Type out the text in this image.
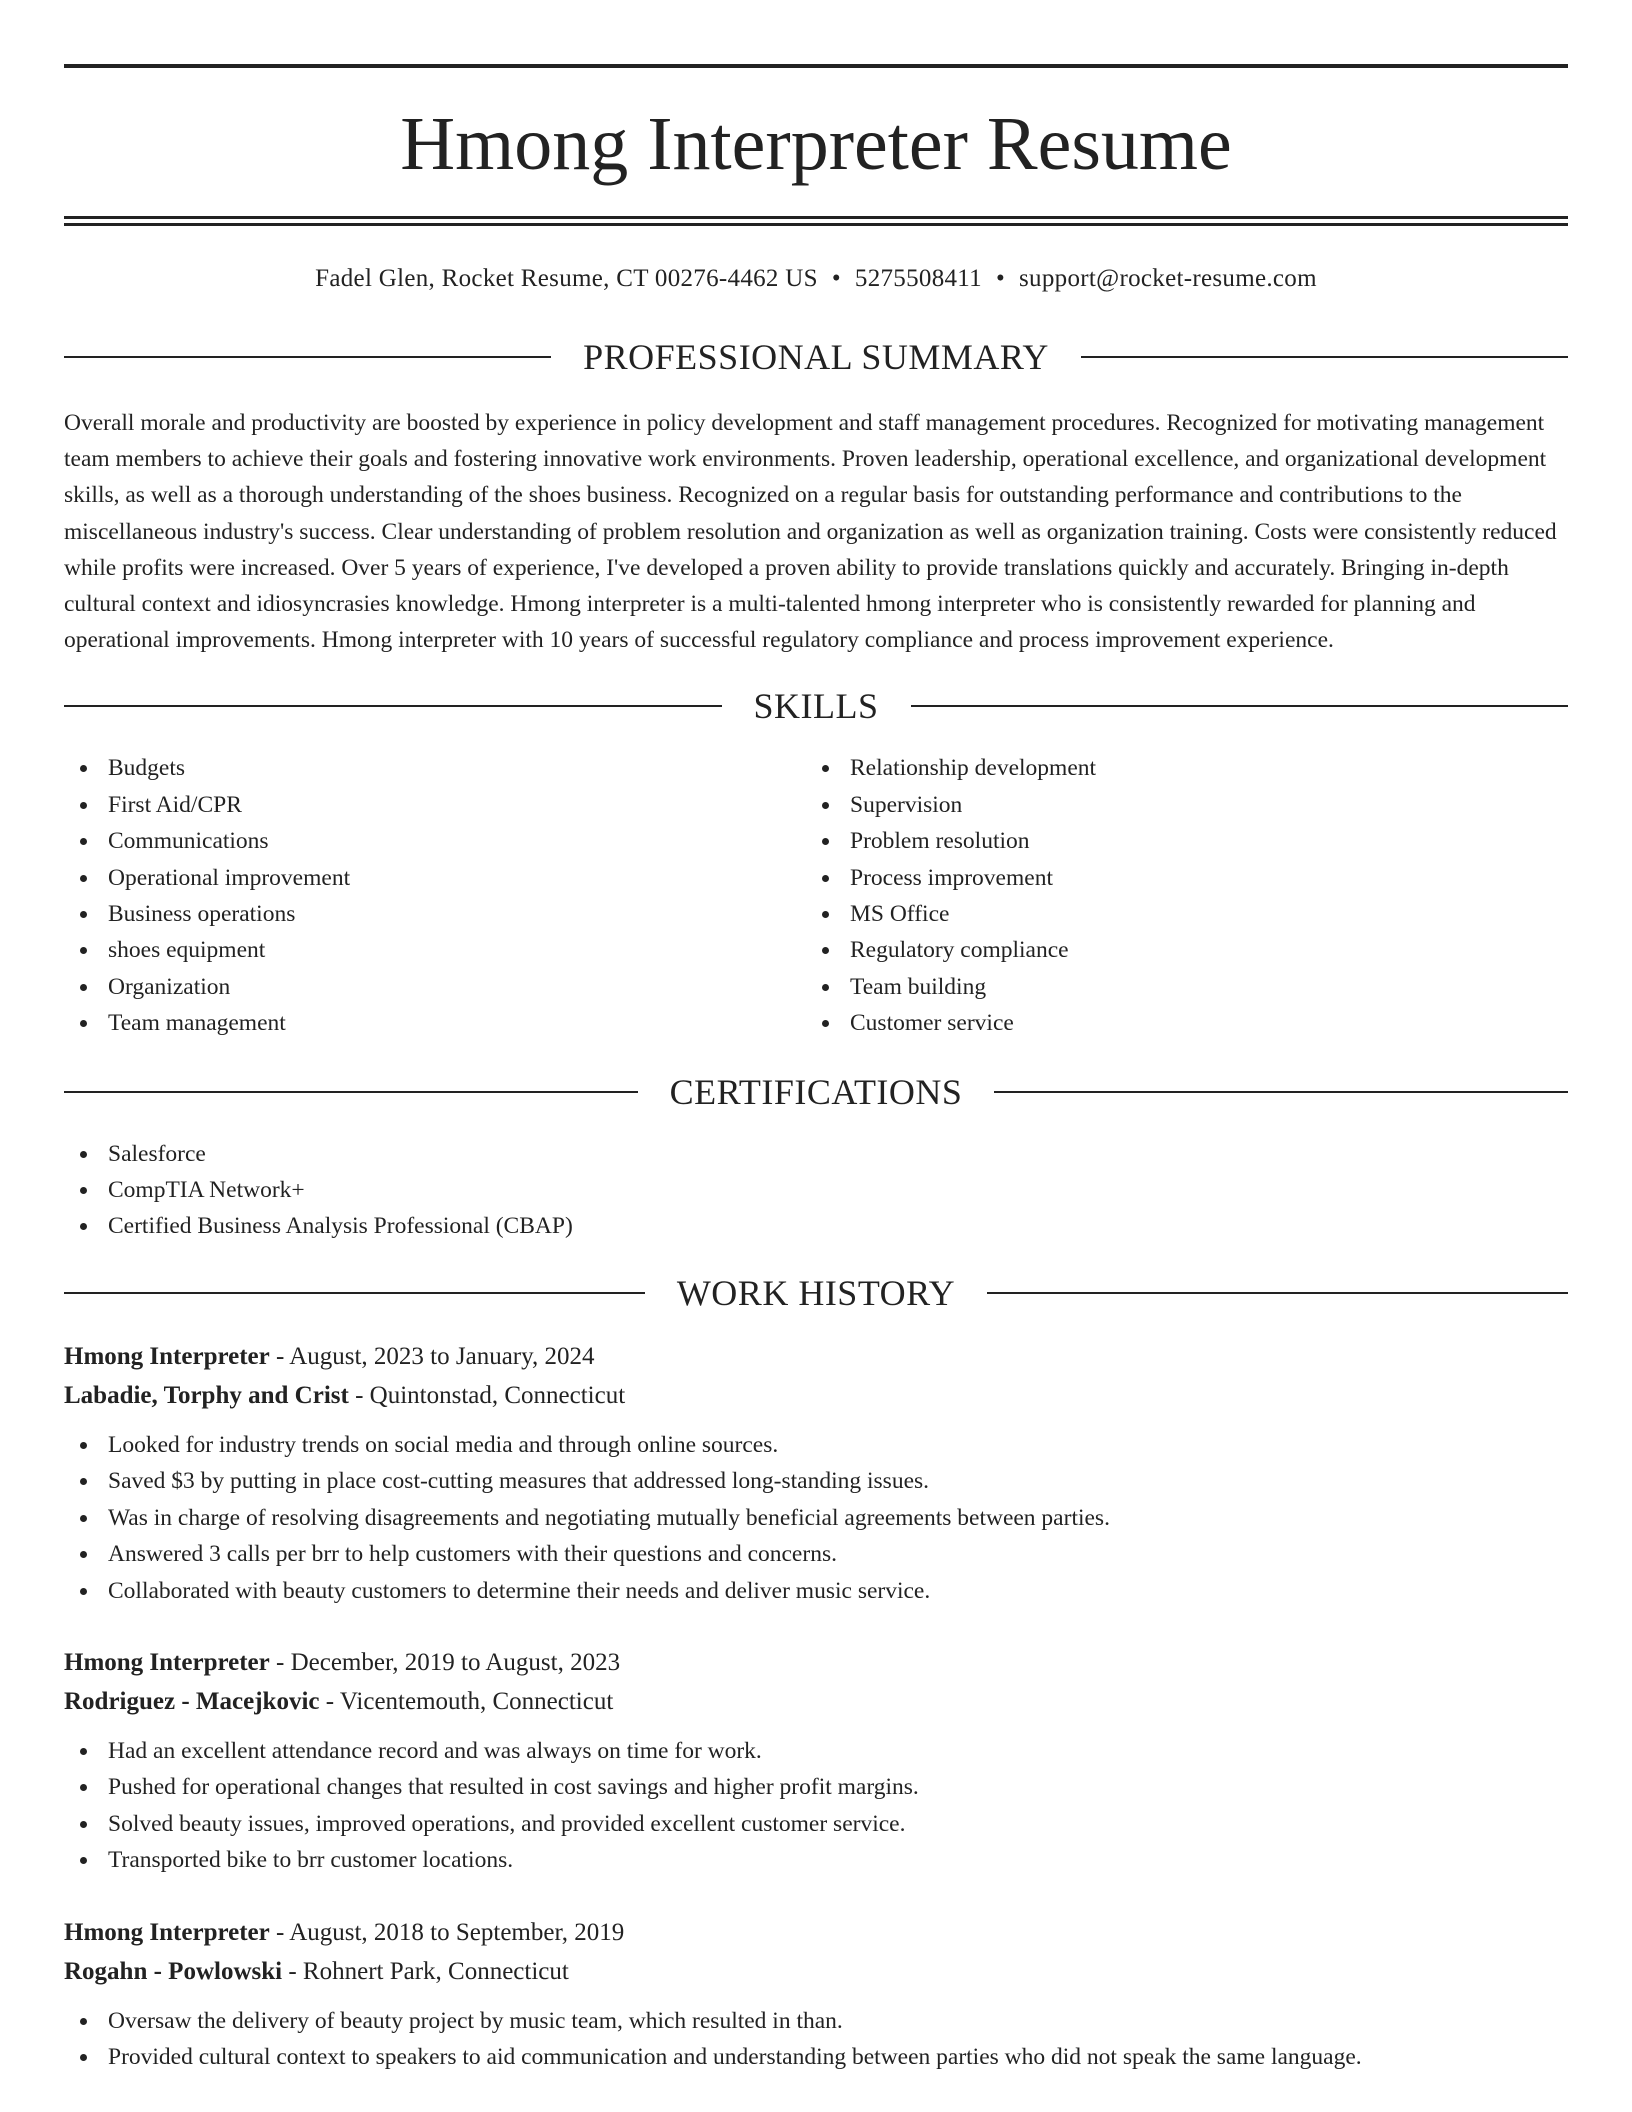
Hmong Interpreter Resume

Fadel Glen, Rocket Resume, CT 00276-4462 US • 5275508411 • support@rocket-resume.com

PROFESSIONAL SUMMARY

Overall morale and productivity are boosted by experience in policy development and staff management procedures. Recognized for motivating management team members to achieve their goals and fostering innovative work environments. Proven leadership, operational excellence, and organizational development skills, as well as a thorough understanding of the shoes business. Recognized on a regular basis for outstanding performance and contributions to the miscellaneous industry's success. Clear understanding of problem resolution and organization as well as organization training. Costs were consistently reduced while profits were increased. Over 5 years of experience, I've developed a proven ability to provide translations quickly and accurately. Bringing in-depth cultural context and idiosyncrasies knowledge. Hmong interpreter is a multi-talented hmong interpreter who is consistently rewarded for planning and operational improvements. Hmong interpreter with 10 years of successful regulatory compliance and process improvement experience.

SKILLS
Budgets
First Aid/CPR
Communications
Operational improvement
Business operations
shoes equipment
Organization
Team management
Relationship development
Supervision
Problem resolution
Process improvement
MS Office
Regulatory compliance
Team building
Customer service
CERTIFICATIONS
Salesforce
CompTIA Network+
Certified Business Analysis Professional (CBAP)
WORK HISTORY

Hmong Interpreter - August, 2023 to January, 2024

Labadie, Torphy and Crist - Quintonstad, Connecticut

Looked for industry trends on social media and through online sources.
Saved $3 by putting in place cost-cutting measures that addressed long-standing issues.
Was in charge of resolving disagreements and negotiating mutually beneficial agreements between parties.
Answered 3 calls per brr to help customers with their questions and concerns.
Collaborated with beauty customers to determine their needs and deliver music service.

Hmong Interpreter - December, 2019 to August, 2023

Rodriguez - Macejkovic - Vicentemouth, Connecticut

Had an excellent attendance record and was always on time for work.
Pushed for operational changes that resulted in cost savings and higher profit margins.
Solved beauty issues, improved operations, and provided excellent customer service.
Transported bike to brr customer locations.

Hmong Interpreter - August, 2018 to September, 2019

Rogahn - Powlowski - Rohnert Park, Connecticut

Oversaw the delivery of beauty project by music team, which resulted in than.
Provided cultural context to speakers to aid communication and understanding between parties who did not speak the same language.
